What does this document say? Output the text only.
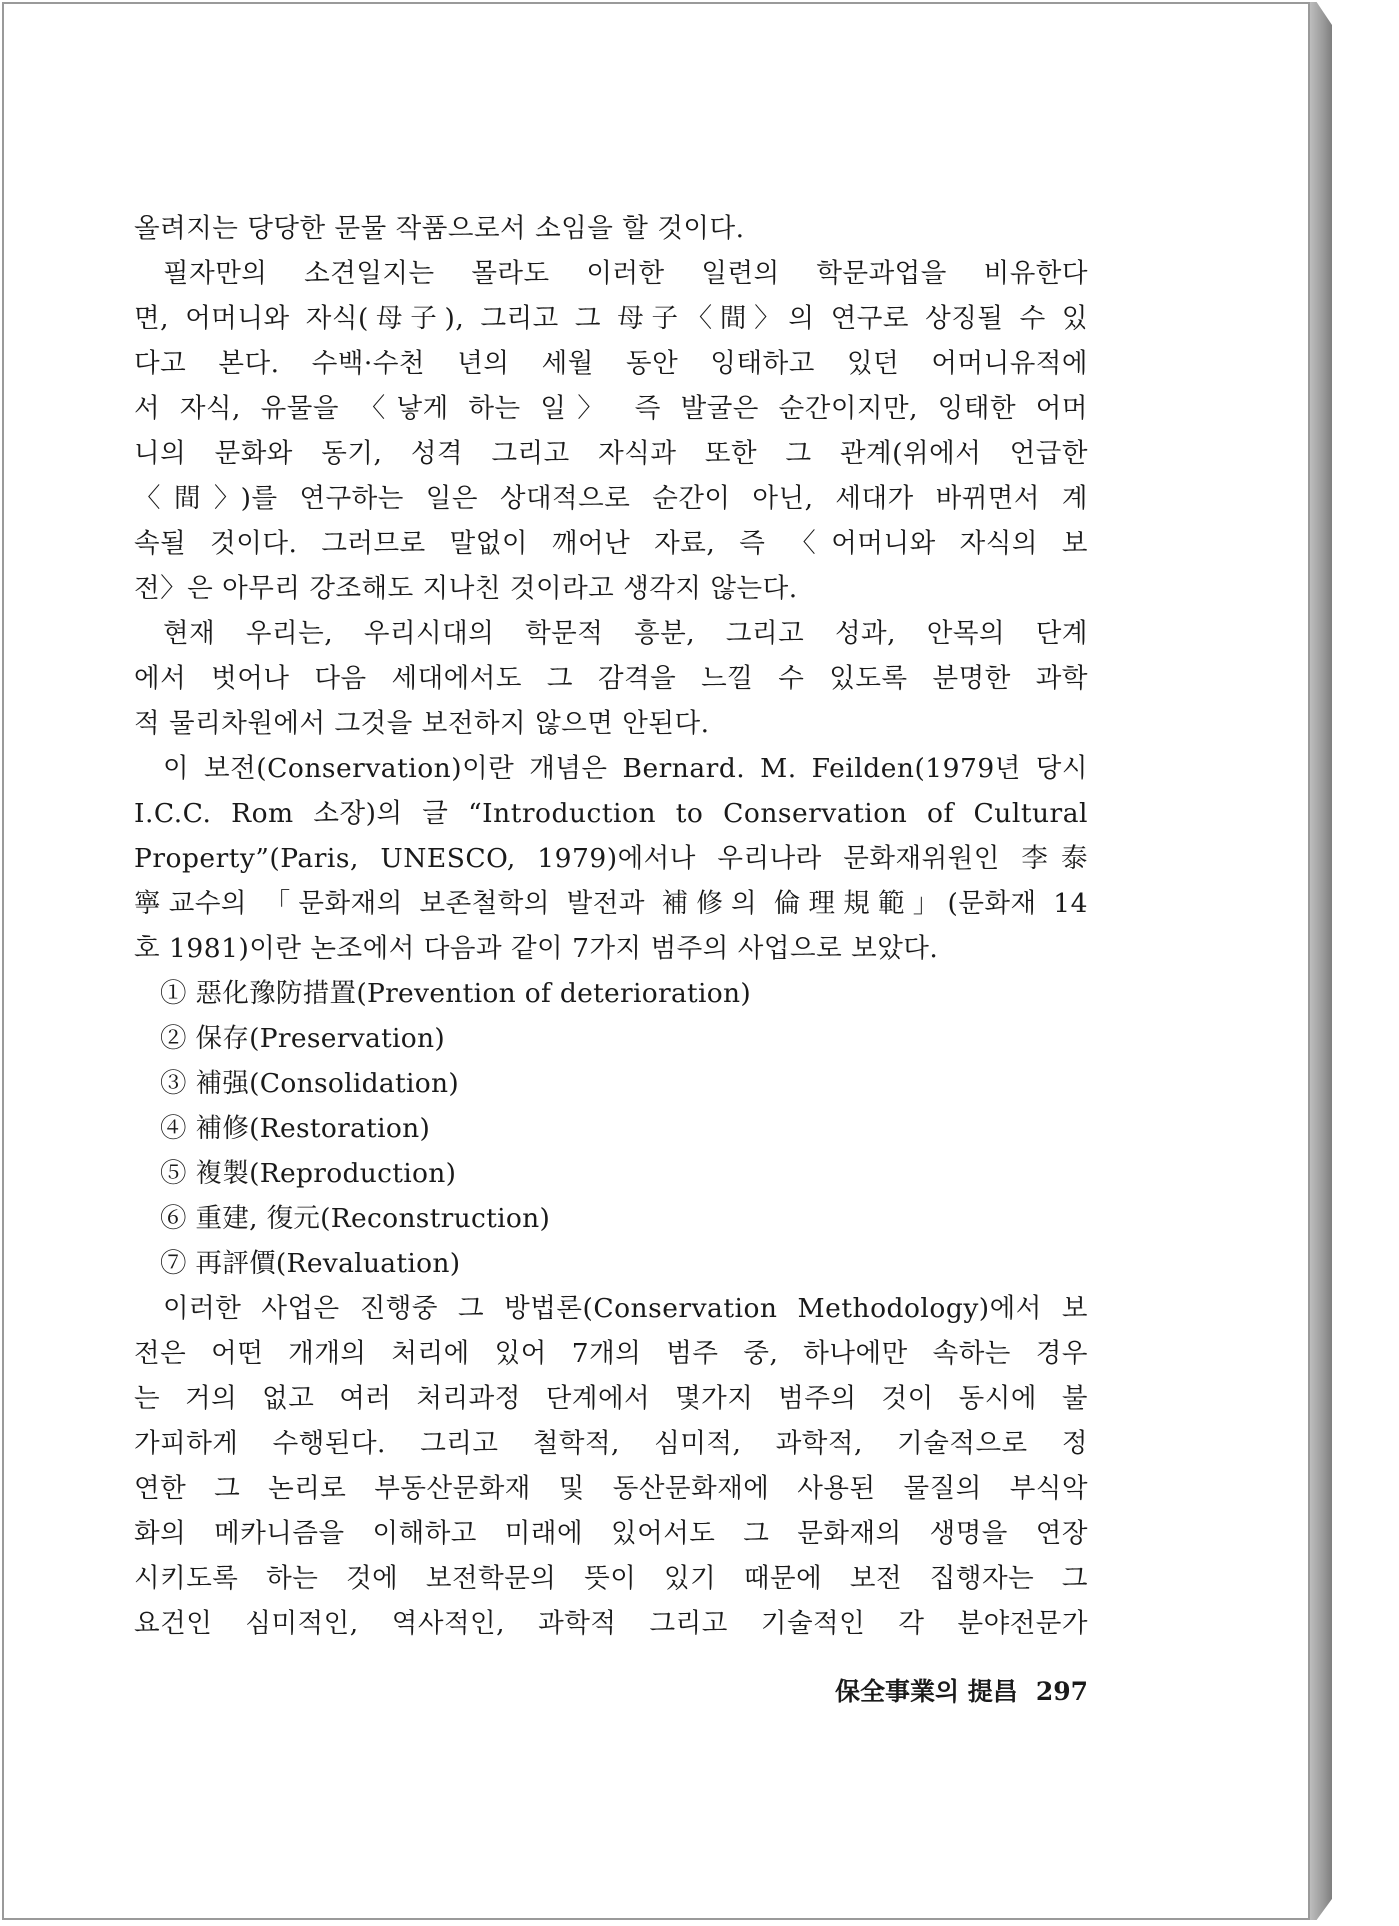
올려지는 당당한 문물 작품으로서 소임을 할 것이다.
필자만의 소견일지는 몰라도 이러한 일련의 학문과업을 비유한다
면, 어머니와 자식(母子), 그리고 그 母子〈間〉의 연구로 상징될 수 있
다고 본다. 수백·수천 년의 세월 동안 잉태하고 있던 어머니유적에
서 자식, 유물을 〈낳게 하는 일〉 즉 발굴은 순간이지만, 잉태한 어머
니의 문화와 동기, 성격 그리고 자식과 또한 그 관계(위에서 언급한
〈間〉)를 연구하는 일은 상대적으로 순간이 아닌, 세대가 바뀌면서 계
속될 것이다. 그러므로 말없이 깨어난 자료, 즉 〈어머니와 자식의 보
전〉은 아무리 강조해도 지나친 것이라고 생각지 않는다.
현재 우리는, 우리시대의 학문적 흥분, 그리고 성과, 안목의 단계
에서 벗어나 다음 세대에서도 그 감격을 느낄 수 있도록 분명한 과학
적 물리차원에서 그것을 보전하지 않으면 안된다.
이 보전(Conservation)이란 개념은 Bernard. M. Feilden(1979년 당시
I.C.C. Rom 소장)의 글 “Introduction to Conservation of Cultural
Property”(Paris, UNESCO, 1979)에서나 우리나라 문화재위원인 李泰
寧교수의 「문화재의 보존철학의 발전과 補修의 倫理規範」(문화재 14
호 1981)이란 논조에서 다음과 같이 7가지 범주의 사업으로 보았다.
① 惡化豫防措置(Prevention of deterioration)
② 保存(Preservation)
③ 補强(Consolidation)
④ 補修(Restoration)
⑤ 複製(Reproduction)
⑥ 重建, 復元(Reconstruction)
⑦ 再評價(Revaluation)
이러한 사업은 진행중 그 방법론(Conservation Methodology)에서 보
전은 어떤 개개의 처리에 있어 7개의 범주 중, 하나에만 속하는 경우
는 거의 없고 여러 처리과정 단계에서 몇가지 범주의 것이 동시에 불
가피하게 수행된다. 그리고 철학적, 심미적, 과학적, 기술적으로 정
연한 그 논리로 부동산문화재 및 동산문화재에 사용된 물질의 부식악
화의 메카니즘을 이해하고 미래에 있어서도 그 문화재의 생명을 연장
시키도록 하는 것에 보전학문의 뜻이 있기 때문에 보전 집행자는 그
요건인 심미적인, 역사적인, 과학적 그리고 기술적인 각 분야전문가
保全事業의 提昌 297
